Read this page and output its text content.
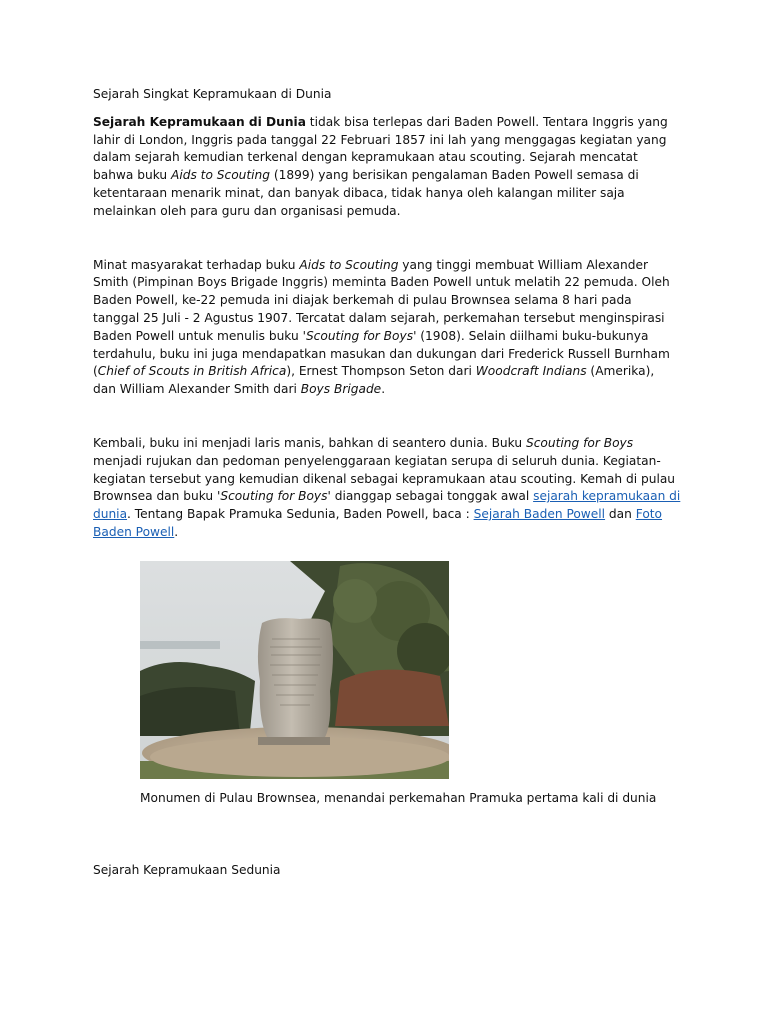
Sejarah Singkat Kepramukaan di Dunia

Sejarah Kepramukaan di Dunia tidak bisa terlepas dari Baden Powell. Tentara Inggris yang lahir di London, Inggris pada tanggal 22 Februari 1857 ini lah yang menggagas kegiatan yang dalam sejarah kemudian terkenal dengan kepramukaan atau scouting. Sejarah mencatat bahwa buku Aids to Scouting (1899) yang berisikan pengalaman Baden Powell semasa di ketentaraan menarik minat, dan banyak dibaca, tidak hanya oleh kalangan militer saja melainkan oleh para guru dan organisasi pemuda.

Minat masyarakat terhadap buku Aids to Scouting yang tinggi membuat William Alexander Smith (Pimpinan Boys Brigade Inggris) meminta Baden Powell untuk melatih 22 pemuda. Oleh Baden Powell, ke-22 pemuda ini diajak berkemah di pulau Brownsea selama 8 hari pada tanggal 25 Juli - 2 Agustus 1907. Tercatat dalam sejarah, perkemahan tersebut menginspirasi Baden Powell untuk menulis buku 'Scouting for Boys' (1908). Selain diilhami buku-bukunya terdahulu, buku ini juga mendapatkan masukan dan dukungan dari Frederick Russell Burnham (Chief of Scouts in British Africa), Ernest Thompson Seton dari Woodcraft Indians (Amerika), dan William Alexander Smith dari Boys Brigade.

Kembali, buku ini menjadi laris manis, bahkan di seantero dunia. Buku Scouting for Boys menjadi rujukan dan pedoman penyelenggaraan kegiatan serupa di seluruh dunia. Kegiatan-kegiatan tersebut yang kemudian dikenal sebagai kepramukaan atau scouting. Kemah di pulau Brownsea dan buku 'Scouting for Boys' dianggap sebagai tonggak awal sejarah kepramukaan di dunia. Tentang Bapak Pramuka Sedunia, Baden Powell, baca : Sejarah Baden Powell dan Foto Baden Powell.

Monumen di Pulau Brownsea, menandai perkemahan Pramuka pertama kali di dunia

Sejarah Kepramukaan Sedunia
